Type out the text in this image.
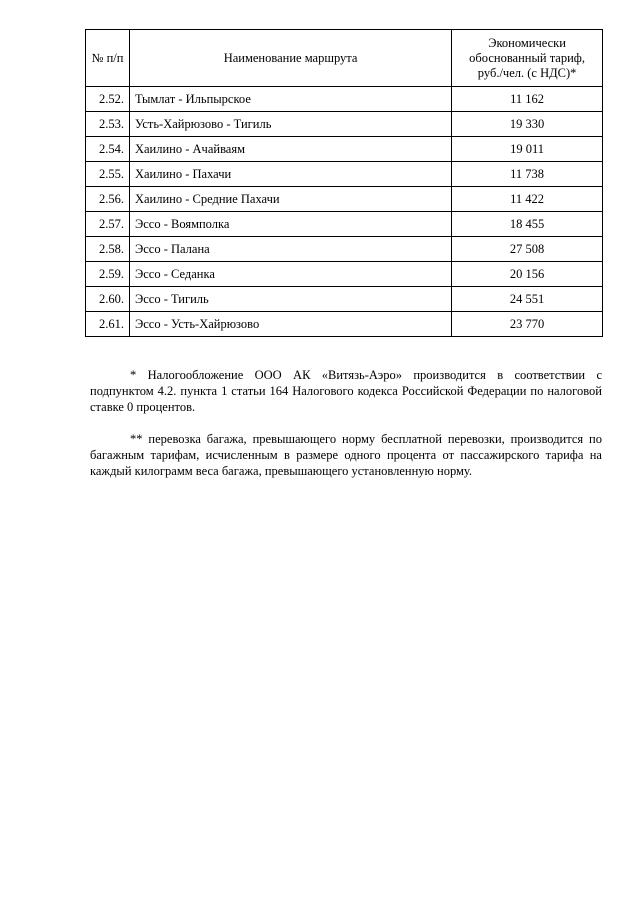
№ п/п	Наименование маршрута	Экономически
обоснованный тариф,
руб./чел. (с НДС)*

2.52.	Тымлат - Ильпырское	11 162
2.53.	Усть-Хайрюзово - Тигиль	19 330
2.54.	Хаилино - Ачайваям	19 011
2.55.	Хаилино - Пахачи	11 738
2.56.	Хаилино - Средние Пахачи	11 422
2.57.	Эссо - Воямполка	18 455
2.58.	Эссо - Палана	27 508
2.59.	Эссо - Седанка	20 156
2.60.	Эссо - Тигиль	24 551
2.61.	Эссо - Усть-Хайрюзово	23 770

* Налогообложение ООО АК «Витязь-Аэро» производится в соответствии с подпунктом 4.2. пункта 1 статьи 164 Налогового кодекса Российской Федерации по налоговой ставке 0 процентов.

** перевозка багажа, превышающего норму бесплатной перевозки, производится по багажным тарифам, исчисленным в размере одного процента от пассажирского тарифа на каждый килограмм веса багажа, превышающего установленную норму.
